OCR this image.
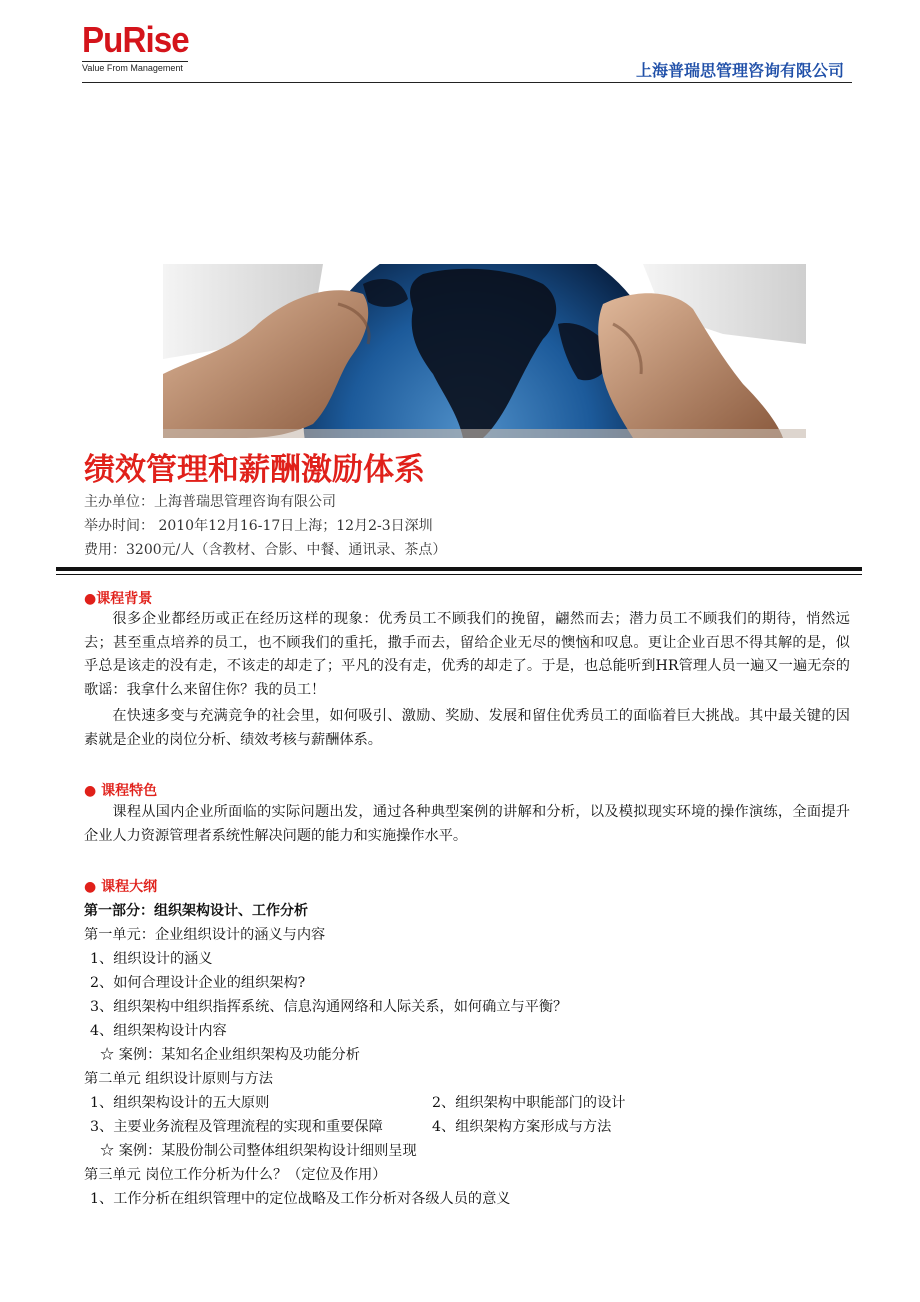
PuRise
Value From Management	上海普瑞思管理咨询有限公司
绩效管理和薪酬激励体系
主办单位：上海普瑞思管理咨询有限公司
举办时间： 2010年12月16-17日上海；12月2-3日深圳
费用：3200元/人（含教材、合影、中餐、通讯录、茶点）
●课程背景
很多企业都经历或正在经历这样的现象：优秀员工不顾我们的挽留，翩然而去；潜力员工不顾我们的期待，悄然远去；甚至重点培养的员工，也不顾我们的重托，撒手而去，留给企业无尽的懊恼和叹息。更让企业百思不得其解的是，似乎总是该走的没有走，不该走的却走了；平凡的没有走，优秀的却走了。于是，也总能听到HR管理人员一遍又一遍无奈的歌谣：我拿什么来留住你？我的员工！
在快速多变与充满竞争的社会里，如何吸引、激励、奖励、发展和留住优秀员工的面临着巨大挑战。其中最关键的因素就是企业的岗位分析、绩效考核与薪酬体系。
● 课程特色
课程从国内企业所面临的实际问题出发，通过各种典型案例的讲解和分析，以及模拟现实环境的操作演练，全面提升企业人力资源管理者系统性解决问题的能力和实施操作水平。
● 课程大纲
第一部分：组织架构设计、工作分析
第一单元：企业组织设计的涵义与内容
1、组织设计的涵义
2、如何合理设计企业的组织架构?
3、组织架构中组织指挥系统、信息沟通网络和人际关系，如何确立与平衡？
4、组织架构设计内容
☆ 案例：某知名企业组织架构及功能分析
第二单元 组织设计原则与方法
1、组织架构设计的五大原则	2、组织架构中职能部门的设计
3、主要业务流程及管理流程的实现和重要保障	4、组织架构方案形成与方法
☆ 案例：某股份制公司整体组织架构设计细则呈现
第三单元 岗位工作分析为什么？（定位及作用）
1、工作分析在组织管理中的定位战略及工作分析对各级人员的意义
